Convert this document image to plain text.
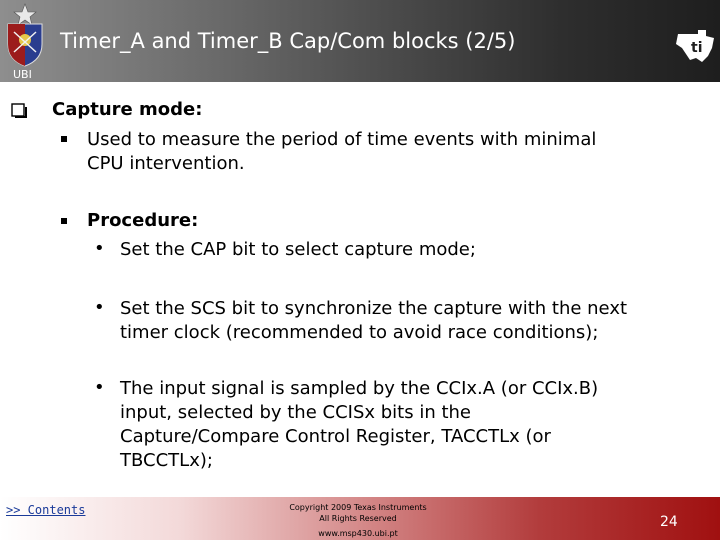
UBI
Timer_A and Timer_B Cap/Com blocks (2/5)	ti
Capture mode:
Used to measure the period of time events with minimal
CPU intervention.
Procedure:
• Set the CAP bit to select capture mode;
• Set the SCS bit to synchronize the capture with the next
timer clock (recommended to avoid race conditions);
• The input signal is sampled by the CCIx.A (or CCIx.B)
input, selected by the CCISx bits in the
Capture/Compare Control Register, TACCTLx (or
TBCCTLx);
>> Contents	Copyright 2009 Texas Instruments
All Rights Reserved
www.msp430.ubi.pt
24
